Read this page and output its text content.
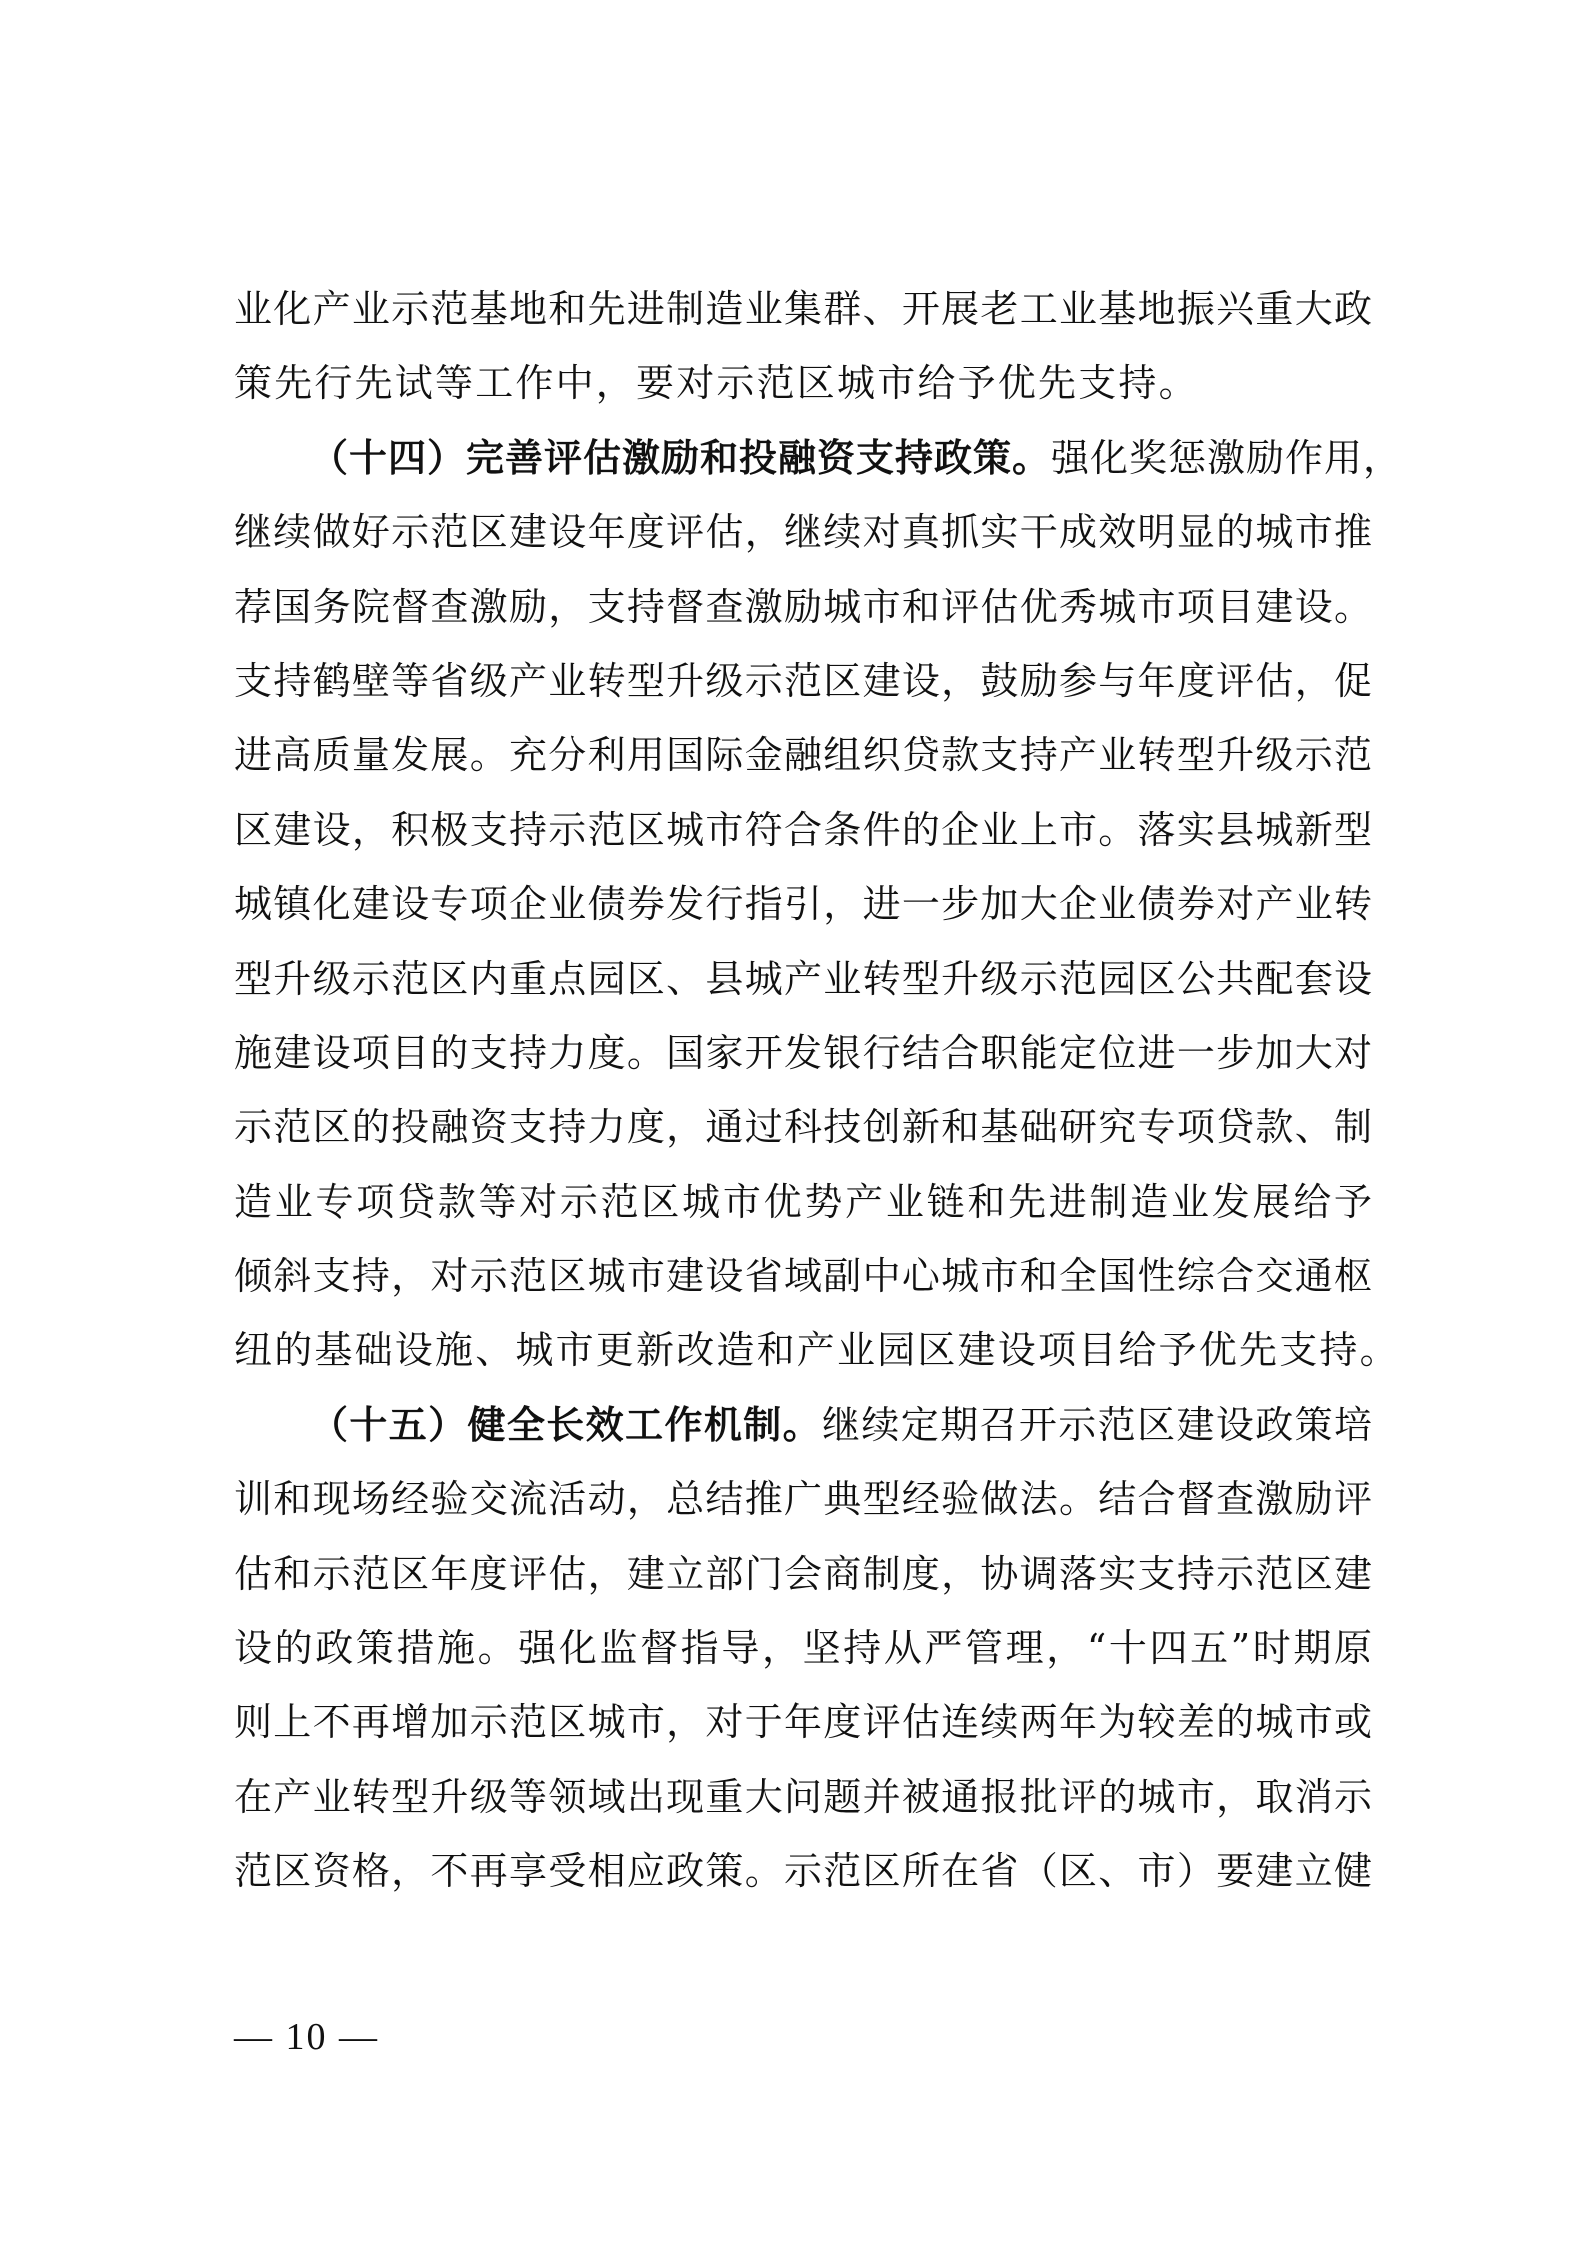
业化产业示范基地和先进制造业集群、开展老工业基地振兴重大政
策先行先试等工作中，要对示范区城市给予优先支持。
（十四）完善评估激励和投融资支持政策。强化奖惩激励作用，
继续做好示范区建设年度评估，继续对真抓实干成效明显的城市推
荐国务院督查激励，支持督查激励城市和评估优秀城市项目建设。
支持鹤壁等省级产业转型升级示范区建设，鼓励参与年度评估，促
进高质量发展。充分利用国际金融组织贷款支持产业转型升级示范
区建设，积极支持示范区城市符合条件的企业上市。落实县城新型
城镇化建设专项企业债券发行指引，进一步加大企业债券对产业转
型升级示范区内重点园区、县城产业转型升级示范园区公共配套设
施建设项目的支持力度。国家开发银行结合职能定位进一步加大对
示范区的投融资支持力度，通过科技创新和基础研究专项贷款、制
造业专项贷款等对示范区城市优势产业链和先进制造业发展给予
倾斜支持，对示范区城市建设省域副中心城市和全国性综合交通枢
纽的基础设施、城市更新改造和产业园区建设项目给予优先支持。
（十五）健全长效工作机制。继续定期召开示范区建设政策培
训和现场经验交流活动，总结推广典型经验做法。结合督查激励评
估和示范区年度评估，建立部门会商制度，协调落实支持示范区建
设的政策措施。强化监督指导，坚持从严管理，“十四五”时期原
则上不再增加示范区城市，对于年度评估连续两年为较差的城市或
在产业转型升级等领域出现重大问题并被通报批评的城市，取消示
范区资格，不再享受相应政策。示范区所在省（区、市）要建立健
— 10 —
